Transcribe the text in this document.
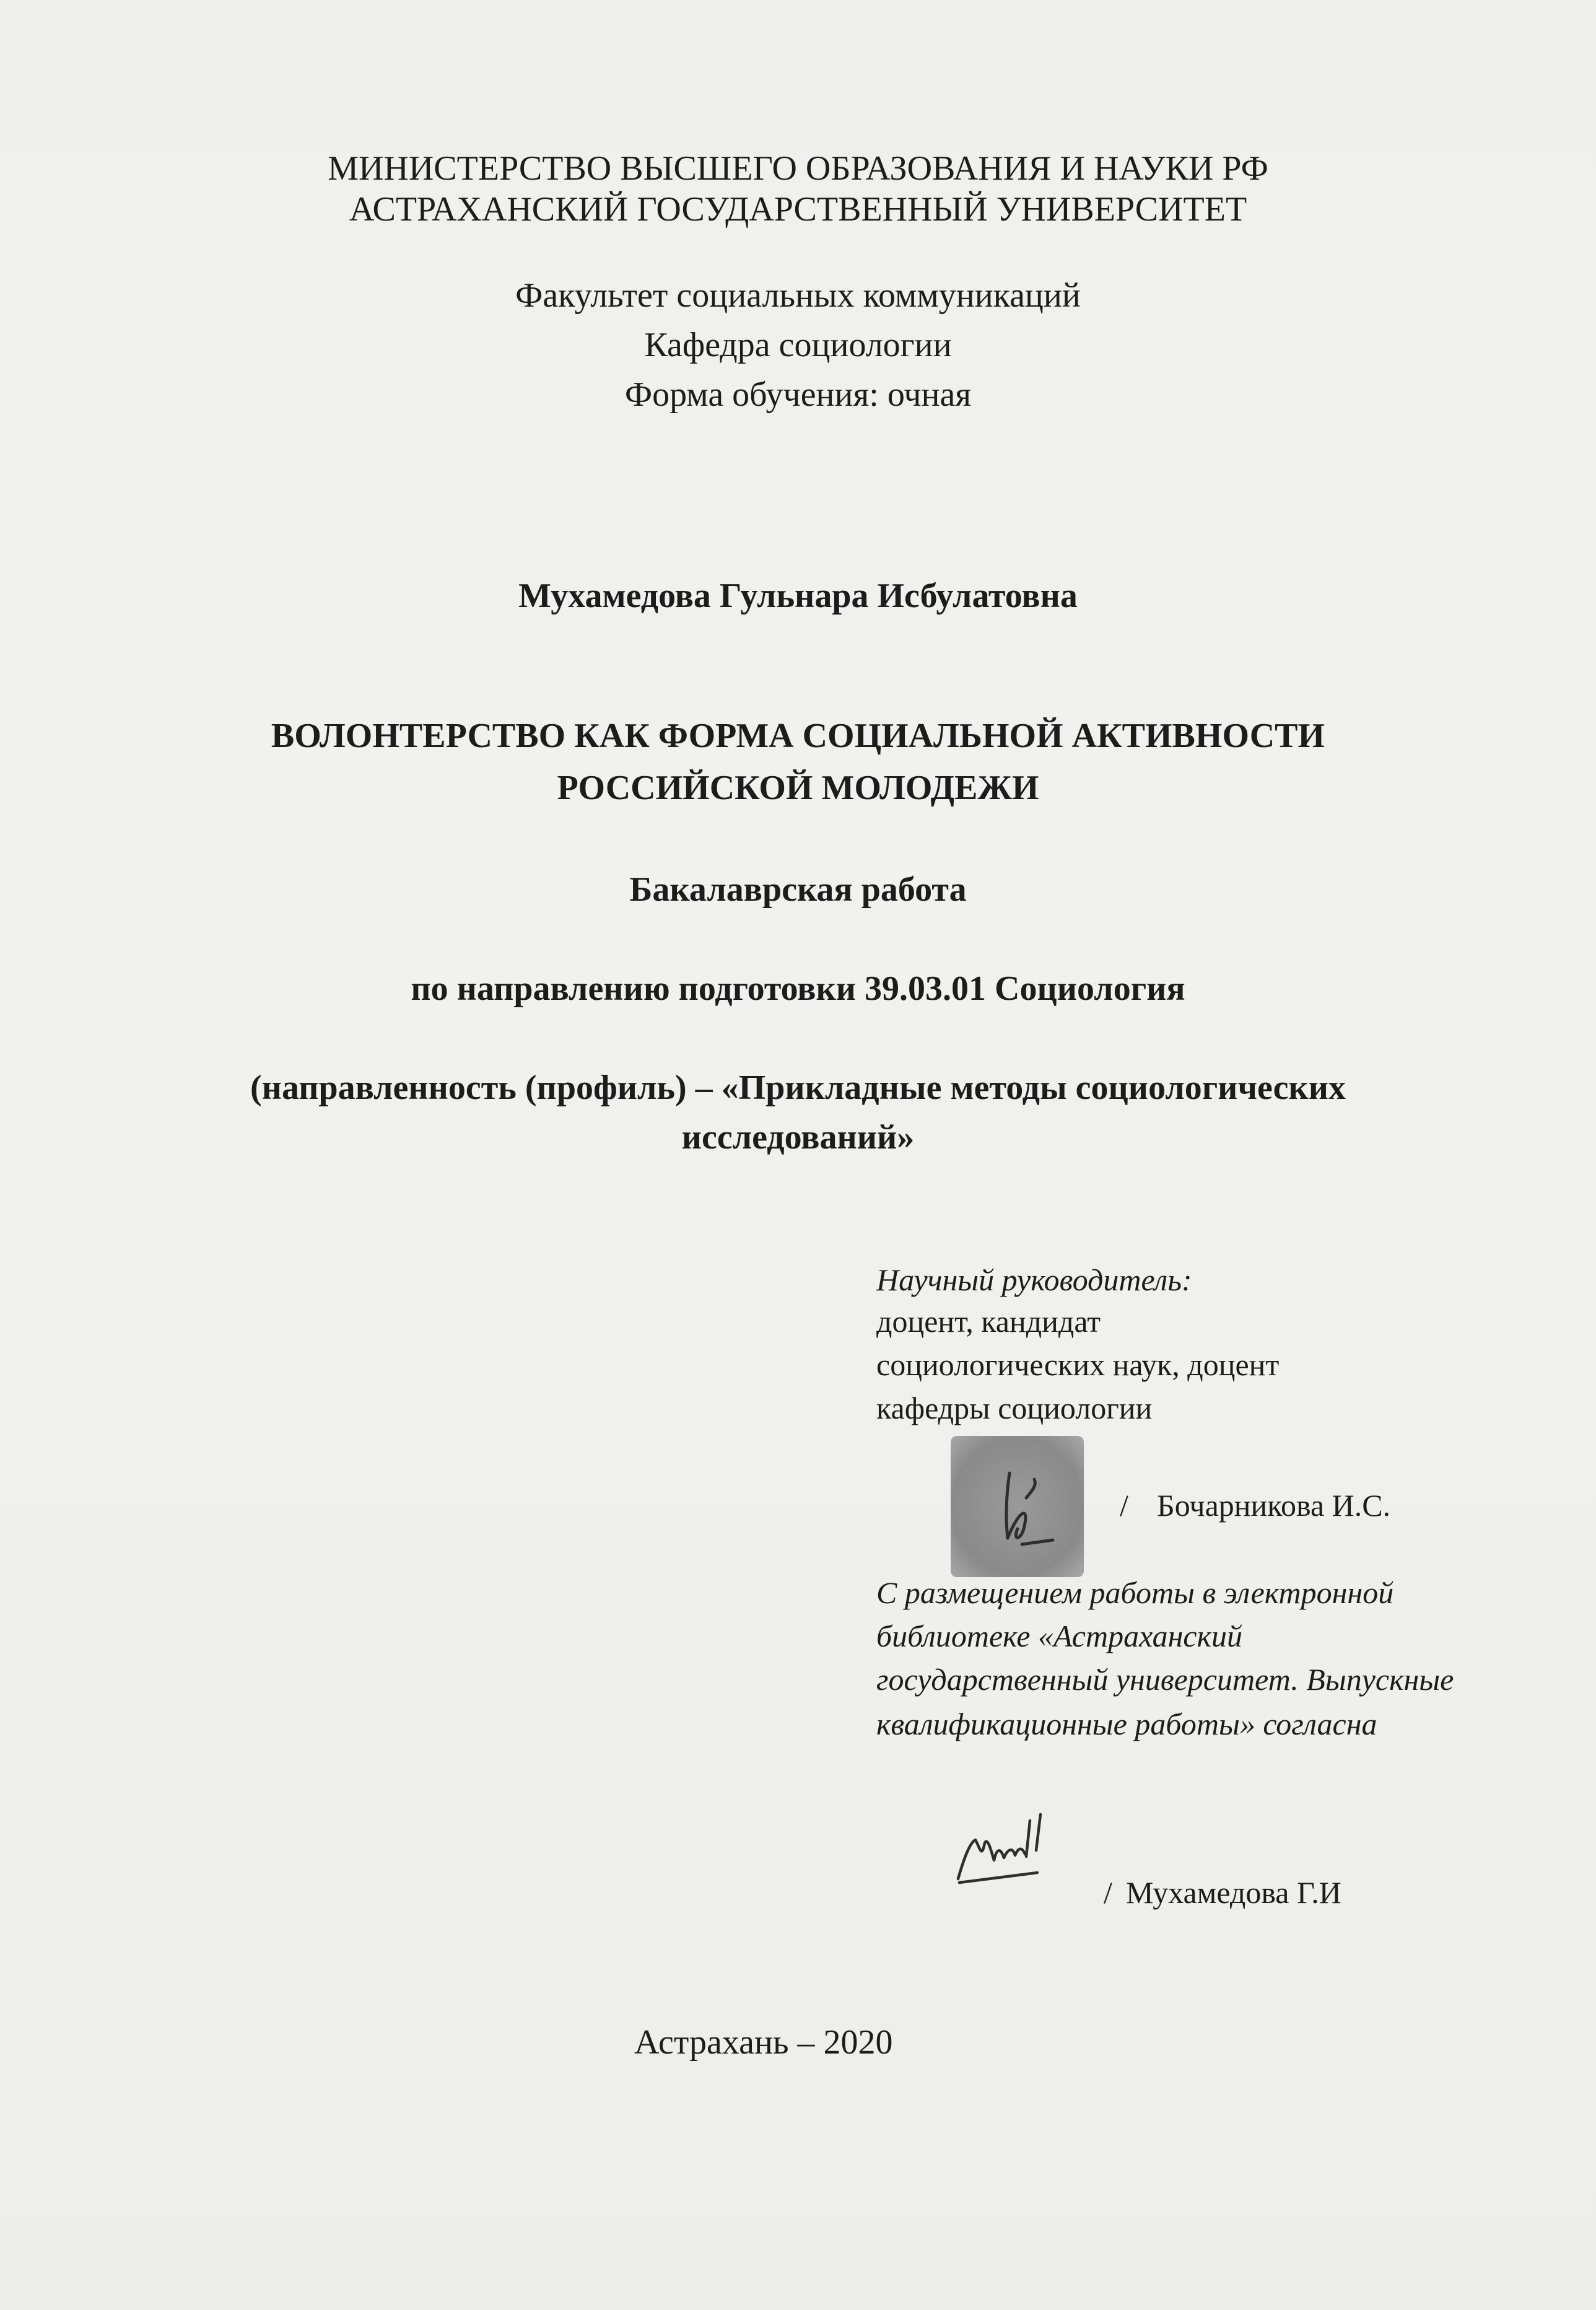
МИНИСТЕРСТВО ВЫСШЕГО ОБРАЗОВАНИЯ И НАУКИ РФ
АСТРАХАНСКИЙ ГОСУДАРСТВЕННЫЙ УНИВЕРСИТЕТ
Факультет социальных коммуникаций
Кафедра социологии
Форма обучения: очная
Мухамедова Гульнара Исбулатовна
ВОЛОНТЕРСТВО КАК ФОРМА СОЦИАЛЬНОЙ АКТИВНОСТИ
РОССИЙСКОЙ МОЛОДЕЖИ
Бакалаврская работа
по направлению подготовки 39.03.01 Социология
(направленность (профиль) – «Прикладные методы социологических
исследований»
Научный руководитель:
доцент, кандидат
социологических наук, доцент
кафедры социологии
/ Бочарникова И.С.
С размещением работы в электронной
библиотеке «Астраханский
государственный университет. Выпускные
квалификационные работы» согласна
/ Мухамедова Г.И
Астрахань – 2020
